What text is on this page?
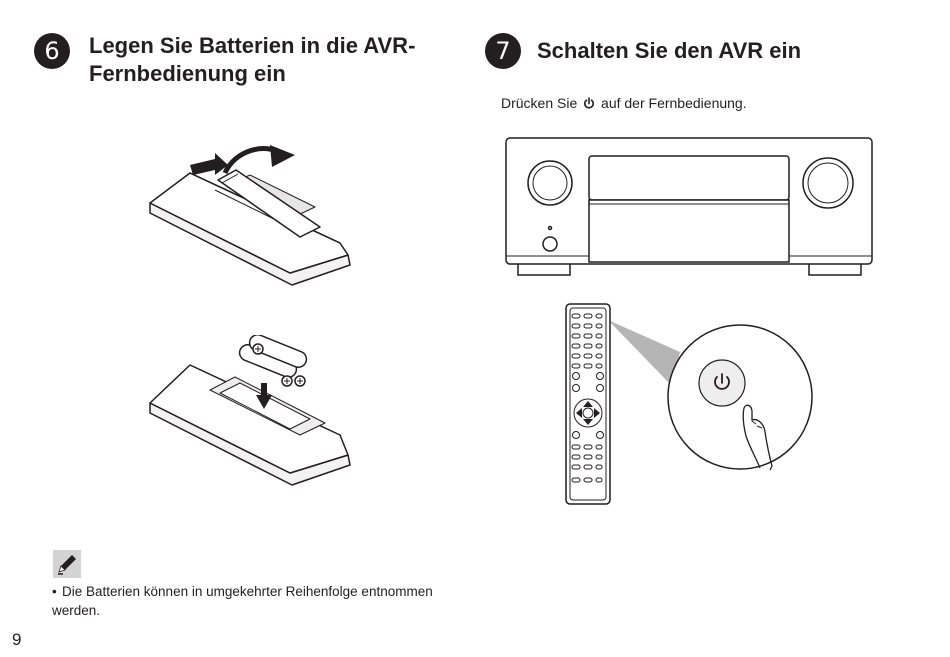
6	Legen Sie Batterien in die AVR-Fernbedienung ein
7	Schalten Sie den AVR ein
Drücken Sie auf der Fernbedienung.
• Die Batterien können in umgekehrter Reihenfolge entnommen werden.
9
